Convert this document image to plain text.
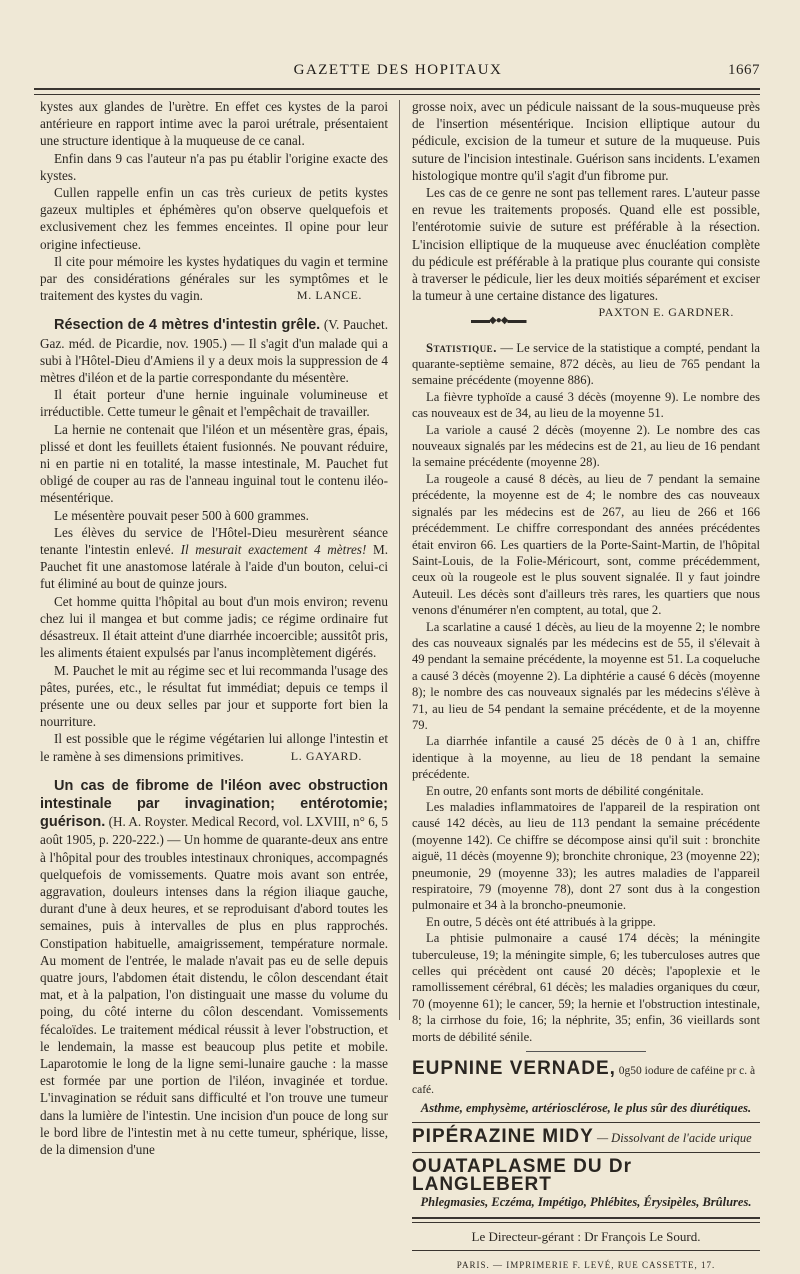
GAZETTE DES HOPITAUX	1667

kystes aux glandes de l'urètre. En effet ces kystes de la paroi antérieure en rapport intime avec la paroi urétrale, présentaient une structure identique à la muqueuse de ce canal.

Enfin dans 9 cas l'auteur n'a pas pu établir l'origine exacte des kystes.

Cullen rappelle enfin un cas très curieux de petits kystes gazeux multiples et éphémères qu'on observe quelquefois et exclusivement chez les femmes enceintes. Il opine pour leur origine infectieuse.

Il cite pour mémoire les kystes hydatiques du vagin et termine par des considérations générales sur les symptômes et le traitement des kystes du vagin.	M. LANCE.

Résection de 4 mètres d'intestin grêle. (V. Pauchet. Gaz. méd. de Picardie, nov. 1905.) — Il s'agit d'un malade qui a subi à l'Hôtel-Dieu d'Amiens il y a deux mois la suppression de 4 mètres d'iléon et de la partie correspondante du mésentère.

Il était porteur d'une hernie inguinale volumineuse et irréductible. Cette tumeur le gênait et l'empêchait de travailler.

La hernie ne contenait que l'iléon et un mésentère gras, épais, plissé et dont les feuillets étaient fusionnés. Ne pouvant réduire, ni en partie ni en totalité, la masse intestinale, M. Pauchet fut obligé de couper au ras de l'anneau inguinal tout le contenu iléo-mésentérique.

Le mésentère pouvait peser 500 à 600 grammes.

Les élèves du service de l'Hôtel-Dieu mesurèrent séance tenante l'intestin enlevé. Il mesurait exactement 4 mètres! M. Pauchet fit une anastomose latérale à l'aide d'un bouton, celui-ci fut éliminé au bout de quinze jours.

Cet homme quitta l'hôpital au bout d'un mois environ; revenu chez lui il mangea et but comme jadis; ce régime ordinaire fut désastreux. Il était atteint d'une diarrhée incoercible; aussitôt pris, les aliments étaient expulsés par l'anus incomplètement digérés.

M. Pauchet le mit au régime sec et lui recommanda l'usage des pâtes, purées, etc., le résultat fut immédiat; depuis ce temps il présente une ou deux selles par jour et supporte fort bien la nourriture.

Il est possible que le régime végétarien lui allonge l'intestin et le ramène à ses dimensions primitives.	L. GAYARD.

Un cas de fibrome de l'iléon avec obstruction intestinale par invagination; entérotomie; guérison. (H. A. Royster. Medical Record, vol. LXVIII, n° 6, 5 août 1905, p. 220-222.) — Un homme de quarante-deux ans entre à l'hôpital pour des troubles intestinaux chroniques, accompagnés quelquefois de vomissements. Quatre mois avant son entrée, aggravation, douleurs intenses dans la région iliaque gauche, durant d'une à deux heures, et se reproduisant d'abord toutes les semaines, puis à intervalles de plus en plus rapprochés. Constipation habituelle, amaigrissement, température normale. Au moment de l'entrée, le malade n'avait pas eu de selle depuis quatre jours, l'abdomen était distendu, le côlon descendant était mat, et à la palpation, l'on distinguait une masse du volume du poing, du côté interne du côlon descendant. Vomissements fécaloïdes. Le traitement médical réussit à lever l'obstruction, et le lendemain, la masse est beaucoup plus petite et mobile. Laparotomie le long de la ligne semi-lunaire gauche : la masse est formée par une portion de l'iléon, invaginée et tordue. L'invagination se réduit sans difficulté et l'on trouve une tumeur dans la lumière de l'intestin. Une incision d'un pouce de long sur le bord libre de l'intestin met à nu cette tumeur, sphérique, lisse, de la dimension d'une

grosse noix, avec un pédicule naissant de la sous-muqueuse près de l'insertion mésentérique. Incision elliptique autour du pédicule, excision de la tumeur et suture de la muqueuse. Puis suture de l'incision intestinale. Guérison sans incidents. L'examen histologique montre qu'il s'agit d'un fibrome pur.

Les cas de ce genre ne sont pas tellement rares. L'auteur passe en revue les traitements proposés. Quand elle est possible, l'entérotomie suivie de suture est préférable à la résection. L'incision elliptique de la muqueuse avec énucléation complète du pédicule est préférable à la pratique plus courante qui consiste à traverser le pédicule, lier les deux moitiés séparément et exciser la tumeur à une certaine distance des ligatures.
PAXTON E. GARDNER.

▬▬◆●◆▬▬

Statistique. — Le service de la statistique a compté, pendant la quarante-septième semaine, 872 décès, au lieu de 765 pendant la semaine précédente (moyenne 886).

La fièvre typhoïde a causé 3 décès (moyenne 9). Le nombre des cas nouveaux est de 34, au lieu de la moyenne 51.

La variole a causé 2 décès (moyenne 2). Le nombre des cas nouveaux signalés par les médecins est de 21, au lieu de 16 pendant la semaine précédente (moyenne 28).

La rougeole a causé 8 décès, au lieu de 7 pendant la semaine précédente, la moyenne est de 4; le nombre des cas nouveaux signalés par les médecins est de 267, au lieu de 266 et 166 précédemment. Le chiffre correspondant des années précédentes était environ 66. Les quartiers de la Porte-Saint-Martin, de l'hôpital Saint-Louis, de la Folie-Méricourt, sont, comme précédemment, ceux où la rougeole est le plus souvent signalée. Il y faut joindre Auteuil. Les décès sont d'ailleurs très rares, les quartiers que nous venons d'énumérer n'en comptent, au total, que 2.

La scarlatine a causé 1 décès, au lieu de la moyenne 2; le nombre des cas nouveaux signalés par les médecins est de 55, il s'élevait à 49 pendant la semaine précédente, la moyenne est 51. La coqueluche a causé 3 décès (moyenne 2). La diphtérie a causé 6 décès (moyenne 8); le nombre des cas nouveaux signalés par les médecins s'élève à 71, au lieu de 54 pendant la semaine précédente, et de la moyenne 79.

La diarrhée infantile a causé 25 décès de 0 à 1 an, chiffre identique à la moyenne, au lieu de 18 pendant la semaine précédente.

En outre, 20 enfants sont morts de débilité congénitale.

Les maladies inflammatoires de l'appareil de la respiration ont causé 142 décès, au lieu de 113 pendant la semaine précédente (moyenne 142). Ce chiffre se décompose ainsi qu'il suit : bronchite aiguë, 11 décès (moyenne 9); bronchite chronique, 23 (moyenne 22); pneumonie, 29 (moyenne 33); les autres maladies de l'appareil respiratoire, 79 (moyenne 78), dont 27 sont dus à la congestion pulmonaire et 34 à la broncho-pneumonie.

En outre, 5 décès ont été attribués à la grippe.

La phtisie pulmonaire a causé 174 décès; la méningite tuberculeuse, 19; la méningite simple, 6; les tuberculoses autres que celles qui précèdent ont causé 20 décès; l'apoplexie et le ramollissement cérébral, 61 décès; les maladies organiques du cœur, 70 (moyenne 61); le cancer, 59; la hernie et l'obstruction intestinale, 8; la cirrhose du foie, 16; la néphrite, 35; enfin, 36 vieillards sont morts de débilité sénile.

EUPNINE VERNADE, 0g50 iodure de caféine pr c. à café.
Asthme, emphysème, artériosclérose, le plus sûr des diurétiques.
PIPÉRAZINE MIDY — Dissolvant de l'acide urique
OUATAPLASME DU Dr LANGLEBERT
Phlegmasies, Eczéma, Impétigo, Phlébites, Érysipèles, Brûlures.
Le Directeur-gérant : Dr François Le Sourd.
PARIS. — IMPRIMERIE F. LEVÉ, RUE CASSETTE, 17.
